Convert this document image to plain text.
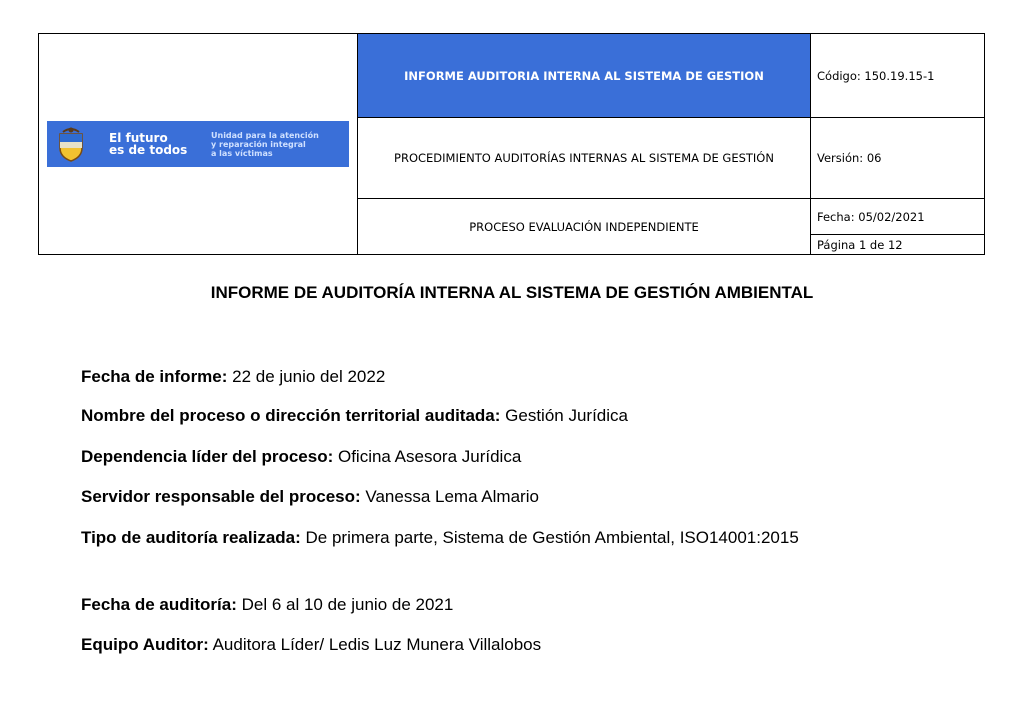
El futuro
es de todos
Unidad para la atención
y reparación integral
a las víctimas	INFORME AUDITORIA INTERNA AL SISTEMA DE GESTION	Código: 150.19.15-1
	PROCEDIMIENTO AUDITORÍAS INTERNAS AL SISTEMA DE GESTIÓN	Versión: 06
	PROCESO EVALUACIÓN INDEPENDIENTE	Fecha: 05/02/2021
		Página 1 de 12
INFORME DE AUDITORÍA INTERNA AL SISTEMA DE GESTIÓN AMBIENTAL
Fecha de informe: 22 de junio del 2022
Nombre del proceso o dirección territorial auditada: Gestión Jurídica
Dependencia líder del proceso: Oficina Asesora Jurídica
Servidor responsable del proceso: Vanessa Lema Almario
Tipo de auditoría realizada: De primera parte, Sistema de Gestión Ambiental, ISO14001:2015
Fecha de auditoría: Del 6 al 10 de junio de 2021
Equipo Auditor: Auditora Líder/ Ledis Luz Munera Villalobos
